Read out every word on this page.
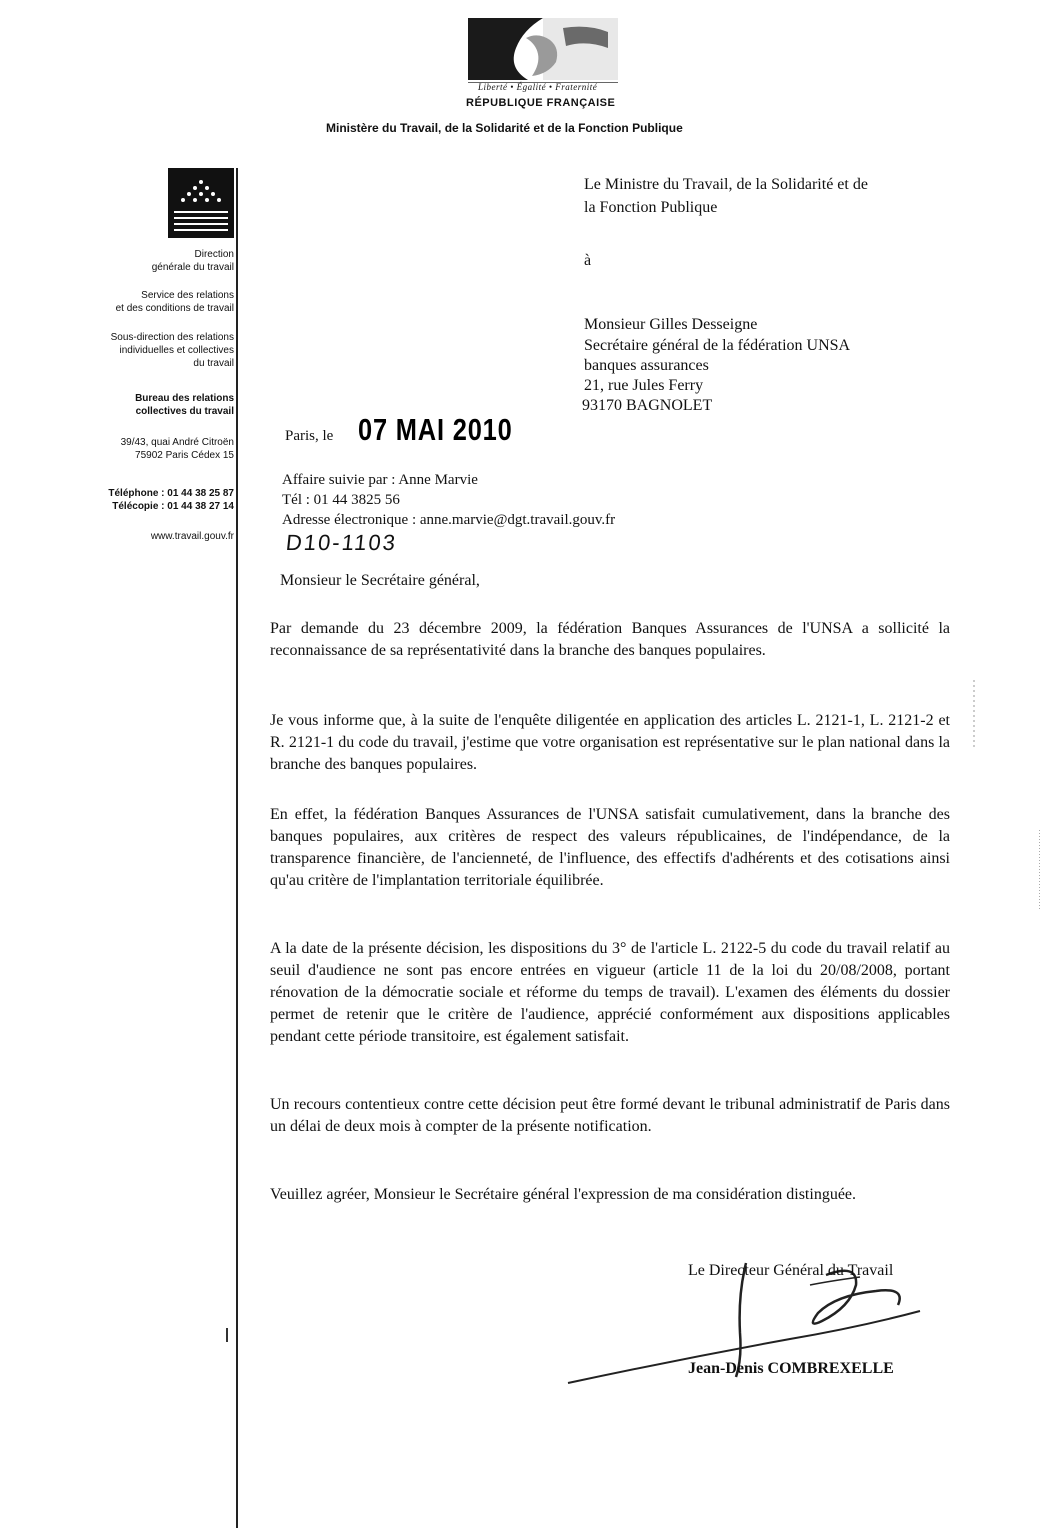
Liberté • Égalité • Fraternité
RÉPUBLIQUE FRANÇAISE
Ministère du Travail, de la Solidarité et de la Fonction Publique
Direction
générale du travail
Service des relations
et des conditions de travail
Sous-direction des relations
individuelles et collectives
du travail
Bureau des relations
collectives du travail
39/43, quai André Citroën
75902 Paris Cédex 15
Téléphone : 01 44 38 25 87
Télécopie : 01 44 38 27 14
www.travail.gouv.fr
Le Ministre du Travail, de la Solidarité et de
la Fonction Publique
à
Monsieur Gilles Desseigne
Secrétaire général de la fédération UNSA
banques assurances
21, rue Jules Ferry
93170 BAGNOLET
Paris, le 07 MAI 2010
Affaire suivie par : Anne Marvie
Tél : 01 44 3825 56
Adresse électronique : anne.marvie@dgt.travail.gouv.fr
D10-1103
Monsieur le Secrétaire général,

Par demande du 23 décembre 2009, la fédération Banques Assurances de l'UNSA a sollicité la reconnaissance de sa représentativité dans la branche des banques populaires.

Je vous informe que, à la suite de l'enquête diligentée en application des articles L. 2121-1, L. 2121-2 et R. 2121-1 du code du travail, j'estime que votre organisation est représentative sur le plan national dans la branche des banques populaires.

En effet, la fédération Banques Assurances de l'UNSA satisfait cumulativement, dans la branche des banques populaires, aux critères de respect des valeurs républicaines, de l'indépendance, de la transparence financière, de l'ancienneté, de l'influence, des effectifs d'adhérents et des cotisations ainsi qu'au critère de l'implantation territoriale équilibrée.

A la date de la présente décision, les dispositions du 3° de l'article L. 2122-5 du code du travail relatif au seuil d'audience ne sont pas encore entrées en vigueur (article 11 de la loi du 20/08/2008, portant rénovation de la démocratie sociale et réforme du temps de travail). L'examen des éléments du dossier permet de retenir que le critère de l'audience, apprécié conformément aux dispositions applicables pendant cette période transitoire, est également satisfait.

Un recours contentieux contre cette décision peut être formé devant le tribunal administratif de Paris dans un délai de deux mois à compter de la présente notification.

Veuillez agréer, Monsieur le Secrétaire général l'expression de ma considération distinguée.

Le Directeur Général du Travail
Jean-Denis COMBREXELLE
